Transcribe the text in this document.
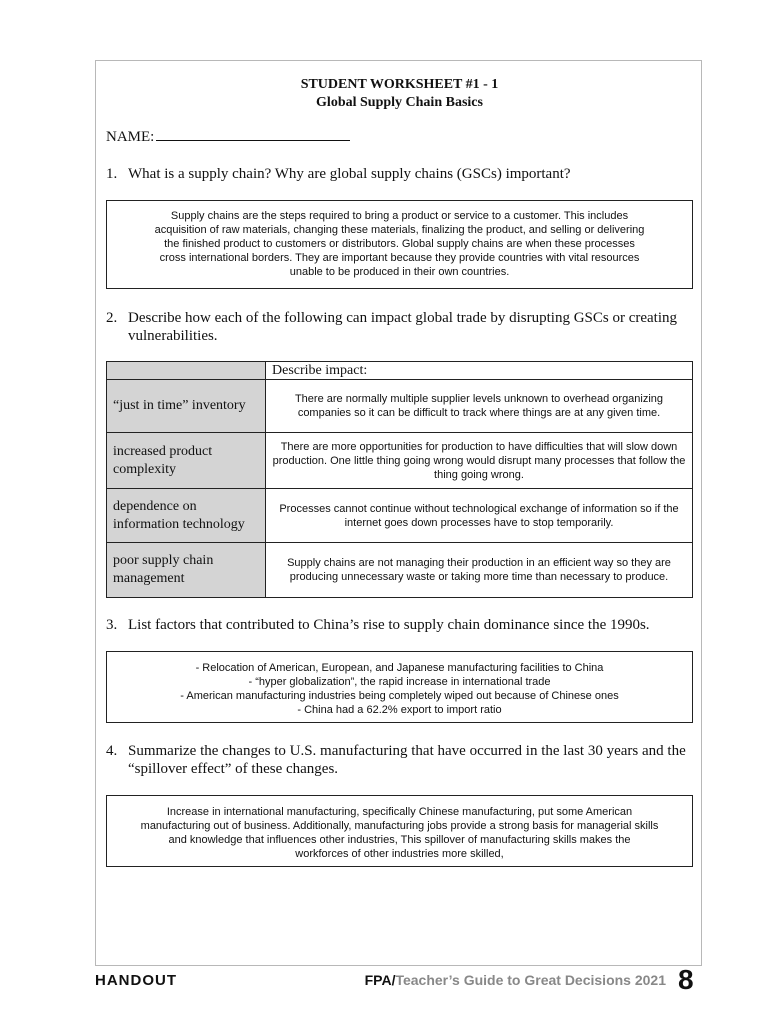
STUDENT WORKSHEET #1 - 1
Global Supply Chain Basics
NAME:
1. What is a supply chain? Why are global supply chains (GSCs) important?
Supply chains are the steps required to bring a product or service to a customer. This includes
acquisition of raw materials, changing these materials, finalizing the product, and selling or delivering
the finished product to customers or distributors. Global supply chains are when these processes
cross international borders. They are important because they provide countries with vital resources
unable to be produced in their own countries.
2. Describe how each of the following can impact global trade by disrupting GSCs or creating
vulnerabilities.
	Describe impact:
“just in time” inventory	There are normally multiple supplier levels unknown to overhead organizing companies so it can be difficult to track where things are at any given time.
increased product complexity	There are more opportunities for production to have difficulties that will slow down production. One little thing going wrong would disrupt many processes that follow the thing going wrong.
dependence on information technology	Processes cannot continue without technological exchange of information so if the internet goes down processes have to stop temporarily.
poor supply chain management	Supply chains are not managing their production in an efficient way so they are producing unnecessary waste or taking more time than necessary to produce.
3. List factors that contributed to China’s rise to supply chain dominance since the 1990s.
- Relocation of American, European, and Japanese manufacturing facilities to China
- “hyper globalization”, the rapid increase in international trade
- American manufacturing industries being completely wiped out because of Chinese ones
- China had a 62.2% export to import ratio
4. Summarize the changes to U.S. manufacturing that have occurred in the last 30 years and the
“spillover effect” of these changes.
Increase in international manufacturing, specifically Chinese manufacturing, put some American
manufacturing out of business. Additionally, manufacturing jobs provide a strong basis for managerial skills
and knowledge that influences other industries, This spillover of manufacturing skills makes the
workforces of other industries more skilled,
HANDOUT	FPA/Teacher’s Guide to Great Decisions 2021 8
